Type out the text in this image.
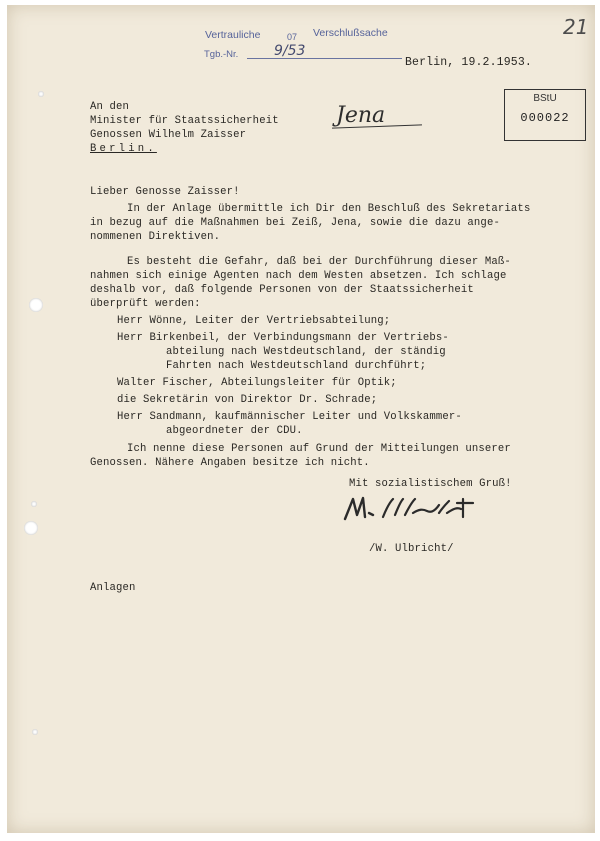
21
Vertrauliche	07 Verschlußsache
Tgb.-Nr.	9/53
Berlin, 19.2.1953.
BStU
000022
An den
Minister für Staatssicherheit
Genossen Wilhelm Zaisser
Berlin.
Jena
Lieber Genosse Zaisser!
In der Anlage übermittle ich Dir den Beschluß des Sekretariats
in bezug auf die Maßnahmen bei Zeiß, Jena, sowie die dazu ange-
nommenen Direktiven.
Es besteht die Gefahr, daß bei der Durchführung dieser Maß-
nahmen sich einige Agenten nach dem Westen absetzen. Ich schlage
deshalb vor, daß folgende Personen von der Staatssicherheit
überprüft werden:
Herr Wönne, Leiter der Vertriebsabteilung;
Herr Birkenbeil, der Verbindungsmann der Vertriebs-
abteilung nach Westdeutschland, der ständig
Fahrten nach Westdeutschland durchführt;
Walter Fischer, Abteilungsleiter für Optik;
die Sekretärin von Direktor Dr. Schrade;
Herr Sandmann, kaufmännischer Leiter und Volkskammer-
abgeordneter der CDU.
Ich nenne diese Personen auf Grund der Mitteilungen unserer
Genossen. Nähere Angaben besitze ich nicht.
Mit sozialistischem Gruß!
/W. Ulbricht/
Anlagen
